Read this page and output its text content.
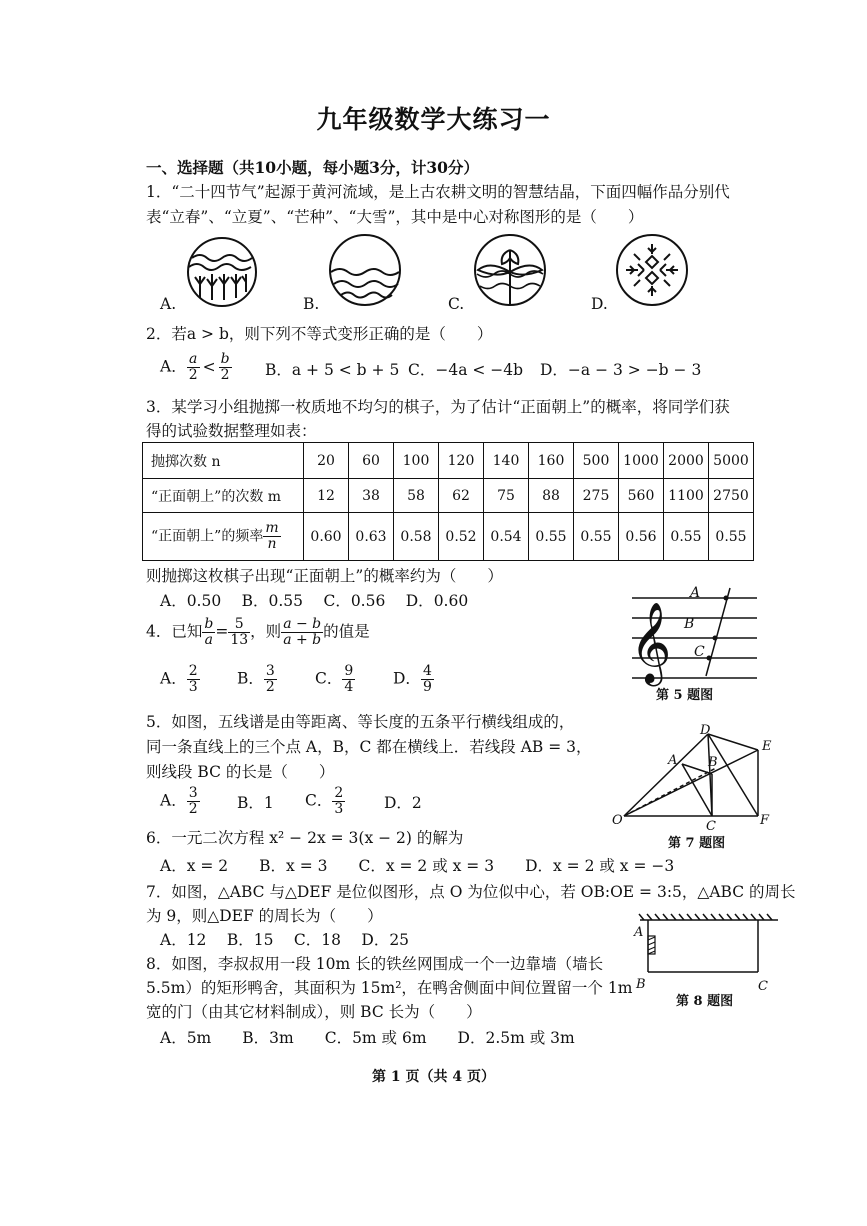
九年级数学大练习一
一、选择题（共10小题，每小题3分，计30分）
1．“二十四节气”起源于黄河流域，是上古农耕文明的智慧结晶，下面四幅作品分别代
表“立春”、“立夏”、“芒种”、“大雪”，其中是中心对称图形的是（　　）
A.	B.	C.	D.
2．若a > b，则下列不等式变形正确的是（　　）
A． $\frac{a}{2} < \frac{b}{2}$ B．a + 5 < b + 5 C．−4a < −4b D．−a − 3 > −b − 3
3．某学习小组抛掷一枚质地不均匀的棋子，为了估计“正面朝上”的概率，将同学们获
得的试验数据整理如表：
抛掷次数 n	20	60	100	120	140	160	500	1000	2000	5000
“正面朝上”的次数 m	12	38	58	62	75	88	275	560	1100	2750
“正面朝上”的频率 $\frac{m}{n}$	0.60	0.63	0.58	0.52	0.54	0.55	0.55	0.56	0.55	0.55
则抛掷这枚棋子出现“正面朝上”的概率约为（　　）
A．0.50　 B．0.55　 C．0.56　 D．0.60
4．已知 $\frac{b}{a} = \frac{5}{13}$ ，则 $\frac{a - b}{a + b}$ 的值是
A． $\frac{2}{3}$ B． $\frac{3}{2}$ C． $\frac{9}{4}$ D． $\frac{4}{9}$	𝄞
A
B
C
第 5 题图
5．如图，五线谱是由等距离、等长度的五条平行横线组成的，
同一条直线上的三个点 A，B，C 都在横线上．若线段 AB = 3，
则线段 BC 的长是（　　）
A． $\frac{3}{2}$ B．1 C． $\frac{2}{3}$ D．2
D
E
A B
O	C	F
第 7 题图
6．一元二次方程 x² − 2x = 3(x − 2) 的解为
A．x = 2　　B．x = 3　　C．x = 2 或 x = 3　　D．x = 2 或 x = −3
7．如图，△ABC 与△DEF 是位似图形，点 O 为位似中心，若 OB:OE = 3:5，△ABC 的周长
为 9，则△DEF 的周长为（　　）
A．12　 B．15　 C．18　 D．25	A
B	C
第 8 题图
8．如图，李叔叔用一段 10m 长的铁丝网围成一个一边靠墙（墙长
5.5m）的矩形鸭舍，其面积为 15m²，在鸭舍侧面中间位置留一个 1m
宽的门（由其它材料制成），则 BC 长为（　　）
A．5m　　B．3m　　C．5m 或 6m　　D．2.5m 或 3m
第 1 页（共 4 页）
